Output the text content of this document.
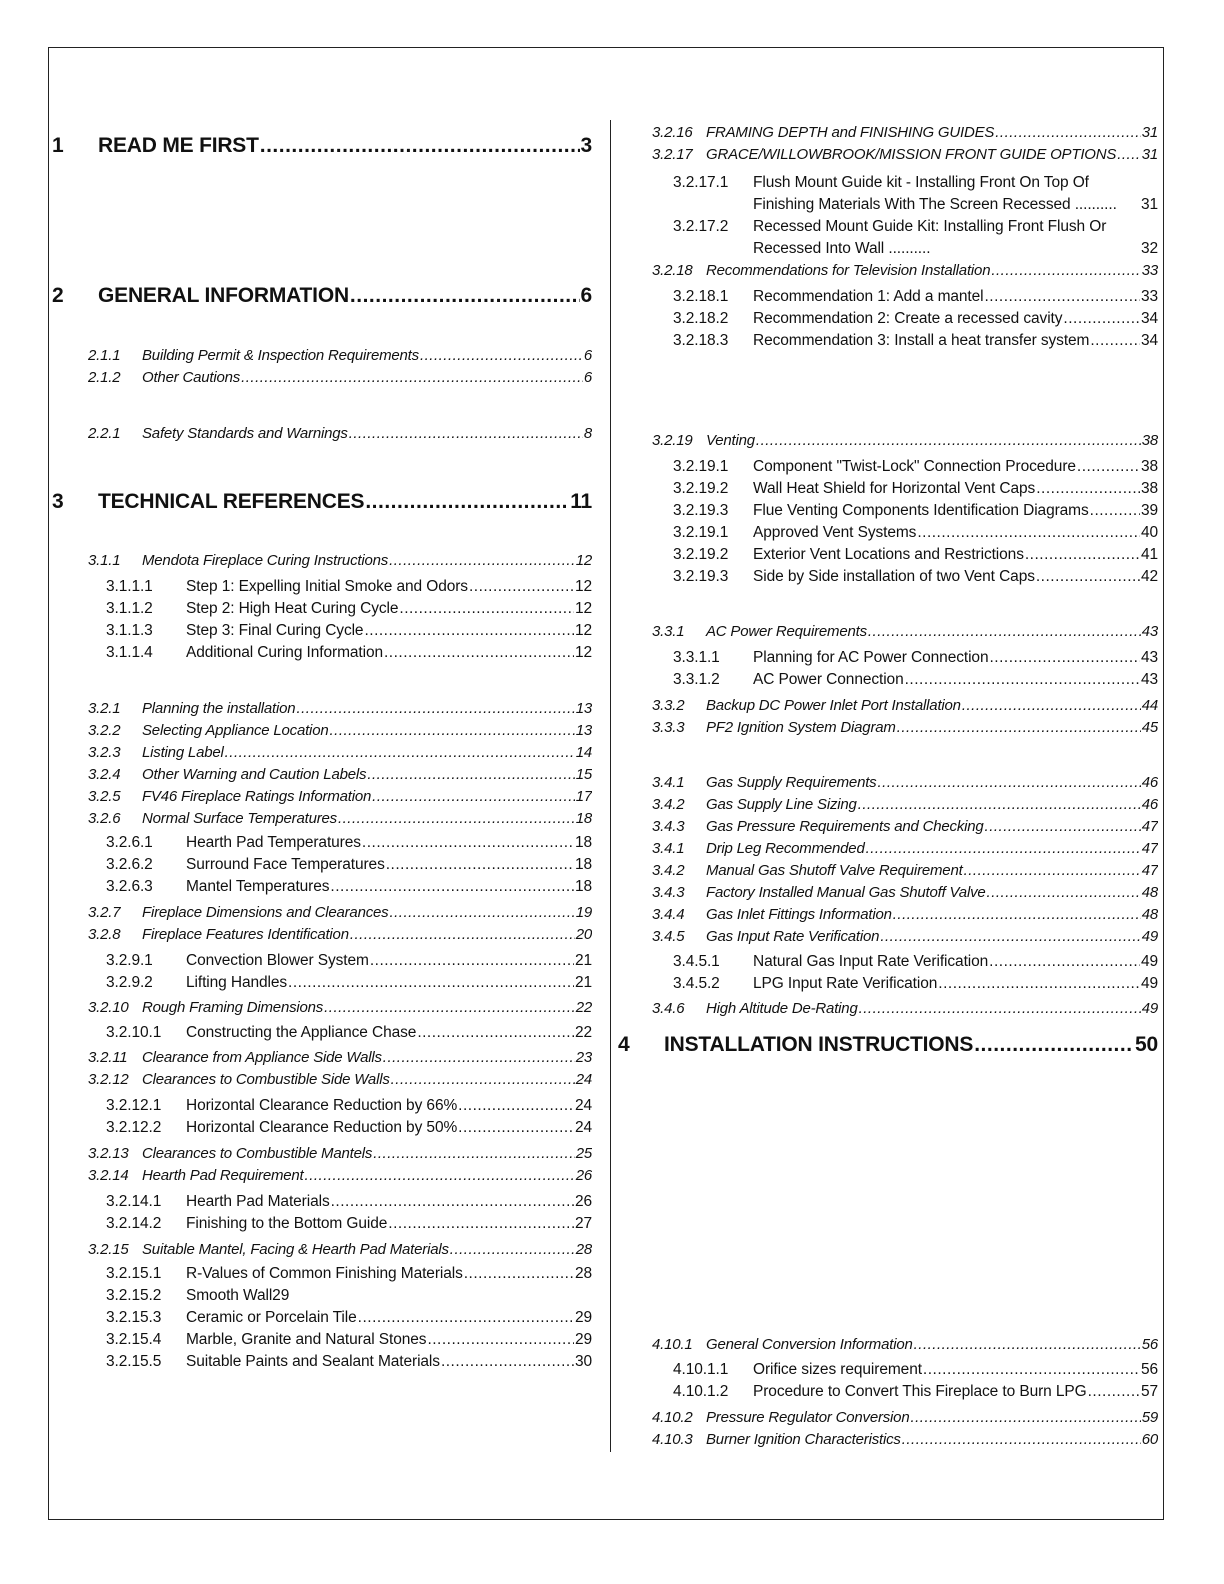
1	READ ME FIRST .....	3
2	GENERAL INFORMATION .....	6
2.1.1	Building Permit & Inspection Requirements .....	6
2.1.2	Other Cautions .....	6
2.2.1	Safety Standards and Warnings .....	8
3	TECHNICAL REFERENCES .....	11
3.1.1	Mendota Fireplace Curing Instructions .....	12
3.1.1.1	Step 1: Expelling Initial Smoke and Odors .....	12
3.1.1.2	Step 2: High Heat Curing Cycle .....	12
3.1.1.3	Step 3: Final Curing Cycle .....	12
3.1.1.4	Additional Curing Information .....	12
3.2.1	Planning the installation .....	13
3.2.2	Selecting Appliance Location .....	13
3.2.3	Listing Label .....	14
3.2.4	Other Warning and Caution Labels .....	15
3.2.5	FV46 Fireplace Ratings Information .....	17
3.2.6	Normal Surface Temperatures .....	18
3.2.6.1	Hearth Pad Temperatures .....	18
3.2.6.2	Surround Face Temperatures .....	18
3.2.6.3	Mantel Temperatures .....	18
3.2.7	Fireplace Dimensions and Clearances .....	19
3.2.8	Fireplace Features Identification .....	20
3.2.9.1	Convection Blower System .....	21
3.2.9.2	Lifting Handles .....	21
3.2.10 Rough Framing Dimensions .....	22
3.2.10.1	Constructing the Appliance Chase .....	22
3.2.11 Clearance from Appliance Side Walls .....	23
3.2.12 Clearances to Combustible Side Walls .....	24
3.2.12.1	Horizontal Clearance Reduction by 66% .....	24
3.2.12.2	Horizontal Clearance Reduction by 50% .....	24
3.2.13 Clearances to Combustible Mantels .....	25
3.2.14 Hearth Pad Requirement .....	26
3.2.14.1	Hearth Pad Materials .....	26
3.2.14.2	Finishing to the Bottom Guide .....	27
3.2.15 Suitable Mantel, Facing & Hearth Pad Materials .....	28
3.2.15.1	R-Values of Common Finishing Materials .....	28
3.2.15.2	Smooth Wall29
3.2.15.3	Ceramic or Porcelain Tile .....	29
3.2.15.4	Marble, Granite and Natural Stones .....	29
3.2.15.5	Suitable Paints and Sealant Materials .....	30
3.2.16 FRAMING DEPTH and FINISHING GUIDES .....	31
3.2.17 GRACE/WILLOWBROOK/MISSION FRONT GUIDE OPTIONS ..... 31
3.2.17.1	Flush Mount Guide kit - Installing Front On Top Of Finishing Materials With The Screen Recessed ..........	31
3.2.17.2	Recessed Mount Guide Kit: Installing Front Flush Or Recessed Into Wall ..........	32
3.2.18 Recommendations for Television Installation .....	33
3.2.18.1	Recommendation 1: Add a mantel .....	33
3.2.18.2	Recommendation 2: Create a recessed cavity .....	34
3.2.18.3	Recommendation 3: Install a heat transfer system .....	34
3.2.19 Venting .....	38
3.2.19.1	Component "Twist-Lock" Connection Procedure .....	38
3.2.19.2	Wall Heat Shield for Horizontal Vent Caps .....	38
3.2.19.3	Flue Venting Components Identification Diagrams .....	39
3.2.19.1	Approved Vent Systems .....	40
3.2.19.2	Exterior Vent Locations and Restrictions .....	41
3.2.19.3	Side by Side installation of two Vent Caps .....	42
3.3.1	AC Power Requirements .....	43
3.3.1.1	Planning for AC Power Connection .....	43
3.3.1.2	AC Power Connection .....	43
3.3.2	Backup DC Power Inlet Port Installation .....	44
3.3.3	PF2 Ignition System Diagram .....	45
3.4.1	Gas Supply Requirements .....	46
3.4.2	Gas Supply Line Sizing .....	46
3.4.3	Gas Pressure Requirements and Checking .....	47
3.4.1	Drip Leg Recommended .....	47
3.4.2	Manual Gas Shutoff Valve Requirement .....	47
3.4.3	Factory Installed Manual Gas Shutoff Valve .....	48
3.4.4	Gas Inlet Fittings Information .....	48
3.4.5	Gas Input Rate Verification .....	49
3.4.5.1	Natural Gas Input Rate Verification .....	49
3.4.5.2	LPG Input Rate Verification .....	49
3.4.6	High Altitude De-Rating .....	49
4	INSTALLATION INSTRUCTIONS .....	50
4.10.1 General Conversion Information .....	56
4.10.1.1	Orifice sizes requirement .....	56
4.10.1.2	Procedure to Convert This Fireplace to Burn LPG .....	57
4.10.2 Pressure Regulator Conversion .....	59
4.10.3 Burner Ignition Characteristics .....	60
